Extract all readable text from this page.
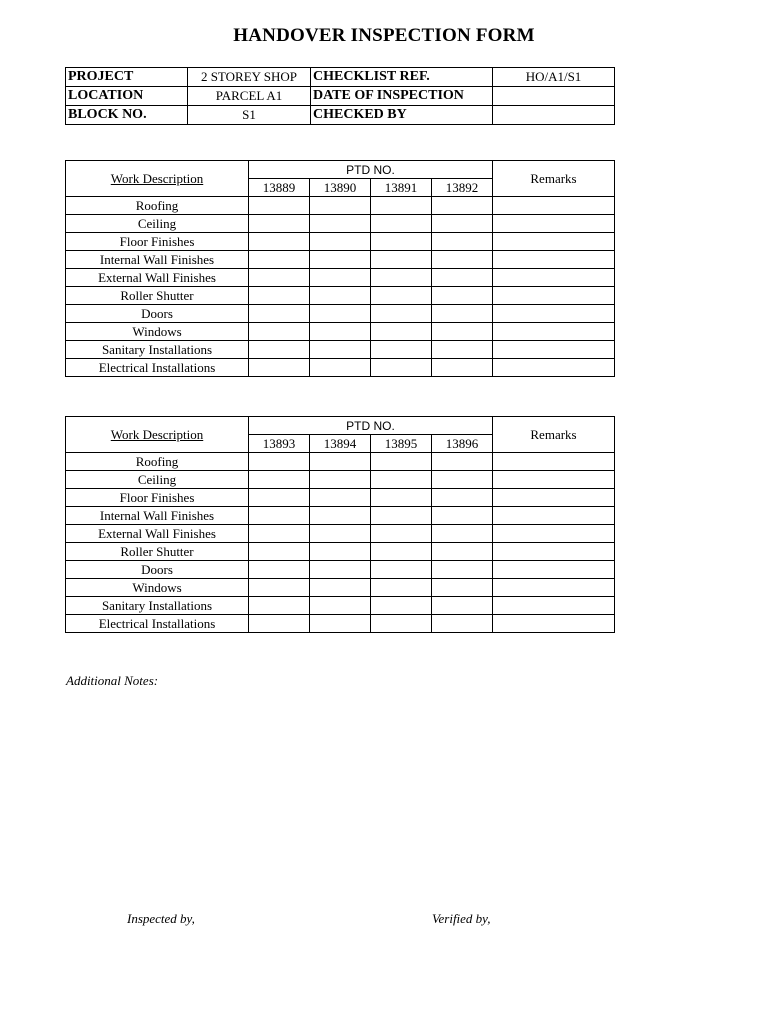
HANDOVER INSPECTION FORM
PROJECT	2 STOREY SHOP	CHECKLIST REF.	HO/A1/S1
LOCATION	PARCEL A1	DATE OF INSPECTION	
BLOCK NO.	S1	CHECKED BY	
Work Description	PTD NO.				Remarks
	13889	13890	13891	13892	
Roofing					
Ceiling					
Floor Finishes					
Internal Wall Finishes					
External Wall Finishes					
Roller Shutter					
Doors					
Windows					
Sanitary Installations					
Electrical Installations					
Work Description	PTD NO.				Remarks
	13893	13894	13895	13896	
Roofing					
Ceiling					
Floor Finishes					
Internal Wall Finishes					
External Wall Finishes					
Roller Shutter					
Doors					
Windows					
Sanitary Installations					
Electrical Installations					
Additional Notes:
Inspected by,	Verified by,
